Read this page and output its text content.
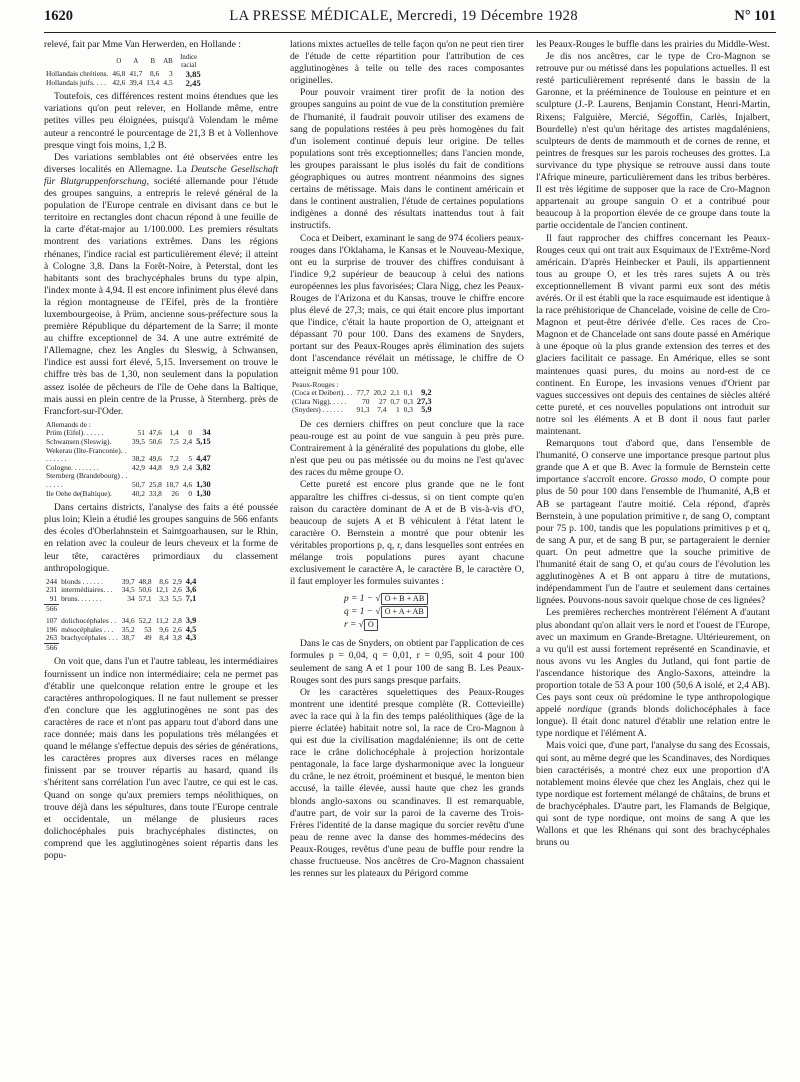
1620	LA PRESSE MÉDICALE, Mercredi, 19 Décembre 1928	N° 101

relevé, fait par Mme Van Herwerden, en Hollande :

	O	A	B	AB	Indice racial
Hollandais chrétiens.	46,8	41,7	8,6	3	3,85
Hollandais juifs. . . .	42,6	39,4	13,4	4,5	2,45

Toutefois, ces différences restent moins étendues que les variations qu'on peut relever, en Hollande même, entre petites villes peu éloignées, puisqu'à Volendam le même auteur a rencontré le pourcentage de 21,3 B et à Vollenhove presque vingt fois moins, 1,2 B.

Des variations semblables ont été observées entre les diverses localités en Allemagne. La Deutsche Gesellschaft für Blutgruppenforschung, société allemande pour l'étude des groupes sanguins, a entrepris le relevé général de la population de l'Europe centrale en divisant dans ce but le territoire en rectangles dont chacun répond à une feuille de la carte d'état-major au 1/100.000. Les premiers résultats montrent des variations extrêmes. Dans les régions rhénanes, l'indice racial est particulièrement élevé; il atteint à Cologne 3,8. Dans la Forêt-Noire, à Peterstal, dont les habitants sont des brachycéphales bruns du type alpin, l'index monte à 4,94. Il est encore infiniment plus élevé dans la région montagneuse de l'Eifel, près de la frontière luxembourgeoise, à Prüm, ancienne sous-préfecture sous la première République du département de la Sarre; il monte au chiffre exceptionnel de 34. A une autre extrémité de l'Allemagne, chez les Angles du Sleswig, à Schwansen, l'indice est aussi fort élevé, 5,15. Inversement on trouve le chiffre très bas de 1,30, non seulement dans la population assez isolée de pêcheurs de l'île de Oehe dans la Baltique, mais aussi en plein centre de la Prusse, à Sternberg. près de Francfort-sur-l'Oder.

Allemands de :					
Prüm (Eifel). . . . . .	51	47,6	1,4	0	34
Schwansen (Sleswig).	39,5	50,6	7,5	2,4	5,15
Wekerau (Ilte-Franconie). . . . . . . .	38,2	49,6	7,2	5	4,47
Cologne. . . . . . . .	42,9	44,8	9,9	2,4	3,82
Sternberg (Brandebourg) . . . . . . .	50,7	25,8	18,7	4,6	1,30
Ile Oehe de(Baltique).	40,2	33,8	26	0	1,30

Dans certains districts, l'analyse des faits a été poussée plus loin; Klein a étudié les groupes sanguins de 566 enfants des écoles d'Oberlahnstein et Saintgoarhausen, sur le Rhin, en relation avec la couleur de leurs cheveux et la forme de leur tête, caractères primordiaux du classement anthropologique.

244	blonds . . . . . .	39,7	48,8	8,6	2,9	4,4
231	intermédiaires. . .	34,5	50,6	12,1	2,6	3,6
91	bruns. . . . . . .	34	57,1	3,3	5,5	7,1
566						

107	dolichocéphales . .	34,6	52,2	11,2	2,8	3,9
196	mésocéphales . . .	35,2	53	9,6	2,6	4,5
263	brachycéphales . . .	38,7	49	8,4	3,8	4,3
566						

On voit que, dans l'un et l'autre tableau, les intermédiaires fournissent un indice non intermédiaire; cela ne permet pas d'établir une quelconque relation entre le groupe et les caractères anthropologiques. Il ne faut nullement se presser d'en conclure que les agglutinogènes ne sont pas des caractères de race et n'ont pas apparu tout d'abord dans une race donnée; mais dans les populations très mélangées et quand le mélange s'effectue depuis des séries de générations, les caractères propres aux diverses races en mélange finissent par se trouver répartis au hasard, quand ils s'héritent sans corrélation l'un avec l'autre, ce qui est le cas. Quand on songe qu'aux premiers temps néolithiques, on trouve déjà dans les sépultures, dans toute l'Europe centrale et occidentale, un mélange de plusieurs races dolichocéphales puis brachycéphales distinctes, on comprend que les agglutinogènes soient répartis dans les popu-

lations mixtes actuelles de telle façon qu'on ne peut rien tirer de l'étude de cette répartition pour l'attribution de ces agglutinogènes à telle ou telle des races composantes originelles.

Pour pouvoir vraiment tirer profit de la notion des groupes sanguins au point de vue de la constitution première de l'humanité, il faudrait pouvoir utiliser des examens de sang de populations restées à peu près homogènes du fait d'un isolement continué depuis leur origine. De telles populations sont très exceptionnelles; dans l'ancien monde, les groupes paraissant le plus isolés du fait de conditions géographiques ou autres montrent néanmoins des signes certains de métissage. Mais dans le continent américain et dans le continent australien, l'étude de certaines populations indigènes a donné des résultats inattendus tout à fait instructifs.

Coca et Deibert, examinant le sang de 974 écoliers peaux-rouges dans l'Oklahama, le Kansas et le Nouveau-Mexique, ont eu la surprise de trouver des chiffres conduisant à l'indice 9,2 supérieur de beaucoup à celui des nations européennes les plus favorisées; Clara Nigg, chez les Peaux-Rouges de l'Arizona et du Kansas, trouve le chiffre encore plus élevé de 27,3; mais, ce qui était encore plus important que l'indice, c'était la haute proportion de O, atteignant et dépassant 70 pour 100. Dans des examens de Snyders, portant sur des Peaux-Rouges après élimination des sujets dont l'ascendance révélait un métissage, le chiffre de O atteignit même 91 pour 100.

Peaux-Rouges :					
(Coca et Deibert). . .	77,7	20,2	2,1	0,1	9,2
(Clara Nigg). . . . .	70	27	0,7	0,3	27,3
(Snyders) . . . . . .	91,3	7,4	1	0,3	5,9

De ces derniers chiffres on peut conclure que la race peau-rouge est au point de vue sanguin à peu près pure. Contrairement à la généralité des populations du globe, elle n'est que peu ou pas métissée ou du moins ne l'est qu'avec des races du même groupe O.

Cette pureté est encore plus grande que ne le font apparaître les chiffres ci-dessus, si on tient compte qu'en raison du caractère dominant de A et de B vis-à-vis d'O, beaucoup de sujets A et B véhiculent à l'état latent le caractère O. Bernstein a montré que pour obtenir les véritables proportions p, q, r, dans lesquelles sont entrées en mélange trois populations pures ayant chacune exclusivement le caractère A, le caractère B, le caractère O, il faut employer les formules suivantes :

p = 1 − √ O + B + AB
q = 1 − √ O + A + AB
r = √ O

Dans le cas de Snyders, on obtient par l'application de ces formules p = 0,04, q = 0,01, r = 0,95, soit 4 pour 100 seulement de sang A et 1 pour 100 de sang B. Les Peaux-Rouges sont des purs sangs presque parfaits.

Or les caractères squelettiques des Peaux-Rouges montrent une identité presque complète (R. Cottevieille) avec la race qui à la fin des temps paléolithiques (âge de la pierre éclatée) habitait notre sol, la race de Cro-Magnon à qui est due la civilisation magdalénienne; ils ont de cette race le crâne dolichocéphale à projection horizontale pentagonale, la face large dysharmonique avec la longueur du crâne, le nez étroit, proéminent et busqué, le menton bien accusé, la taille élevée, aussi haute que chez les grands blonds anglo-saxons ou scandinaves. Il est remarquable, d'autre part, de voir sur la paroi de la caverne des Trois-Frères l'identité de la danse magique du sorcier revêtu d'une peau de renne avec la danse des hommes-médecins des Peaux-Rouges, revêtus d'une peau de buffle pour rendre la chasse fructueuse. Nos ancêtres de Cro-Magnon chassaient les rennes sur les plateaux du Périgord comme

les Peaux-Rouges le buffle dans les prairies du Middle-West.

Je dis nos ancêtres, car le type de Cro-Magnon se retrouve pur ou métissé dans les populations actuelles. Il est resté particulièrement représenté dans le bassin de la Garonne, et la prééminence de Toulouse en peinture et en sculpture (J.-P. Laurens, Benjamin Constant, Henri-Martin, Rixens; Falguière, Mercié, Ségoffin, Carlès, Injalbert, Bourdelle) n'est qu'un héritage des artistes magdaléniens, sculpteurs de dents de mammouth et de cornes de renne, et peintres de fresques sur les parois rocheuses des grottes. La survivance du type physique se retrouve aussi dans toute l'Afrique mineure, particulièrement dans les tribus berbères. Il est très légitime de supposer que la race de Cro-Magnon appartenait au groupe sanguin O et a contribué pour beaucoup à la proportion élevée de ce groupe dans toute la partie occidentale de l'ancien continent.

Il faut rapprocher des chiffres concernant les Peaux-Rouges ceux qui ont trait aux Esquimaux de l'Extrême-Nord américain. D'après Heinbecker et Pauli, ils appartiennent tous au groupe O, et les très rares sujets A ou très exceptionnellement B vivant parmi eux sont des métis avérés. Or il est établi que la race esquimaude est identique à la race préhistorique de Chancelade, voisine de celle de Cro-Magnon et peut-être dérivée d'elle. Ces races de Cro-Magnon et de Chancelade ont sans doute passé en Amérique à une époque où la plus grande extension des terres et des glaciers facilitait ce passage. En Amérique, elles se sont maintenues quasi pures, du moins au nord-est de ce continent. En Europe, les invasions venues d'Orient par vagues successives ont depuis des centaines de siècles altéré cette pureté, et ces nouvelles populations ont introduit sur notre sol les éléments A et B dont il nous faut parler maintenant.

Remarquons tout d'abord que, dans l'ensemble de l'humanité, O conserve une importance presque partout plus grande que A et que B. Avec la formule de Bernstein cette importance s'accroît encore. Grosso modo, O compte pour plus de 50 pour 100 dans l'ensemble de l'humanité, A,B et AB se partageant l'autre moitié. Cela répond, d'après Bernstein, à une population primitive r, de sang O, comptant pour 75 p. 100, tandis que les populations primitives p et q, de sang A pur, et de sang B pur, se partageraient le dernier quart. On peut admettre que la souche primitive de l'humanité était de sang O, et qu'au cours de l'évolution les agglutinogènes A et B ont apparu à titre de mutations, indépendamment l'un de l'autre et seulement dans certaines lignées. Pouvons-nous savoir quelque chose de ces lignées?

Les premières recherches montrèrent l'élément A d'autant plus abondant qu'on allait vers le nord et l'ouest de l'Europe, avec un maximum en Grande-Bretagne. Ultérieurement, on a vu qu'il est aussi fortement représenté en Scandinavie, et nous avons vu les Angles du Jutland, qui font partie de l'ascendance historique des Anglo-Saxons, atteindre la proportion totale de 53 A pour 100 (50,6 A isolé, et 2,4 AB). Ces pays sont ceux où prédomine le type anthropologique appelé nordique (grands blonds dolichocéphales à face longue). Il était donc naturel d'établir une relation entre le type nordique et l'élément A.

Mais voici que, d'une part, l'analyse du sang des Ecossais, qui sont, au même degré que les Scandinaves, des Nordiques bien caractérisés, a montré chez eux une proportion d'A notablement moins élevée que chez les Anglais, chez qui le type nordique est fortement mélangé de châtains, de bruns et de brachycéphales. D'autre part, les Flamands de Belgique, qui sont de type nordique, ont moins de sang A que les Wallons et que les Rhénans qui sont des brachycéphales bruns ou
